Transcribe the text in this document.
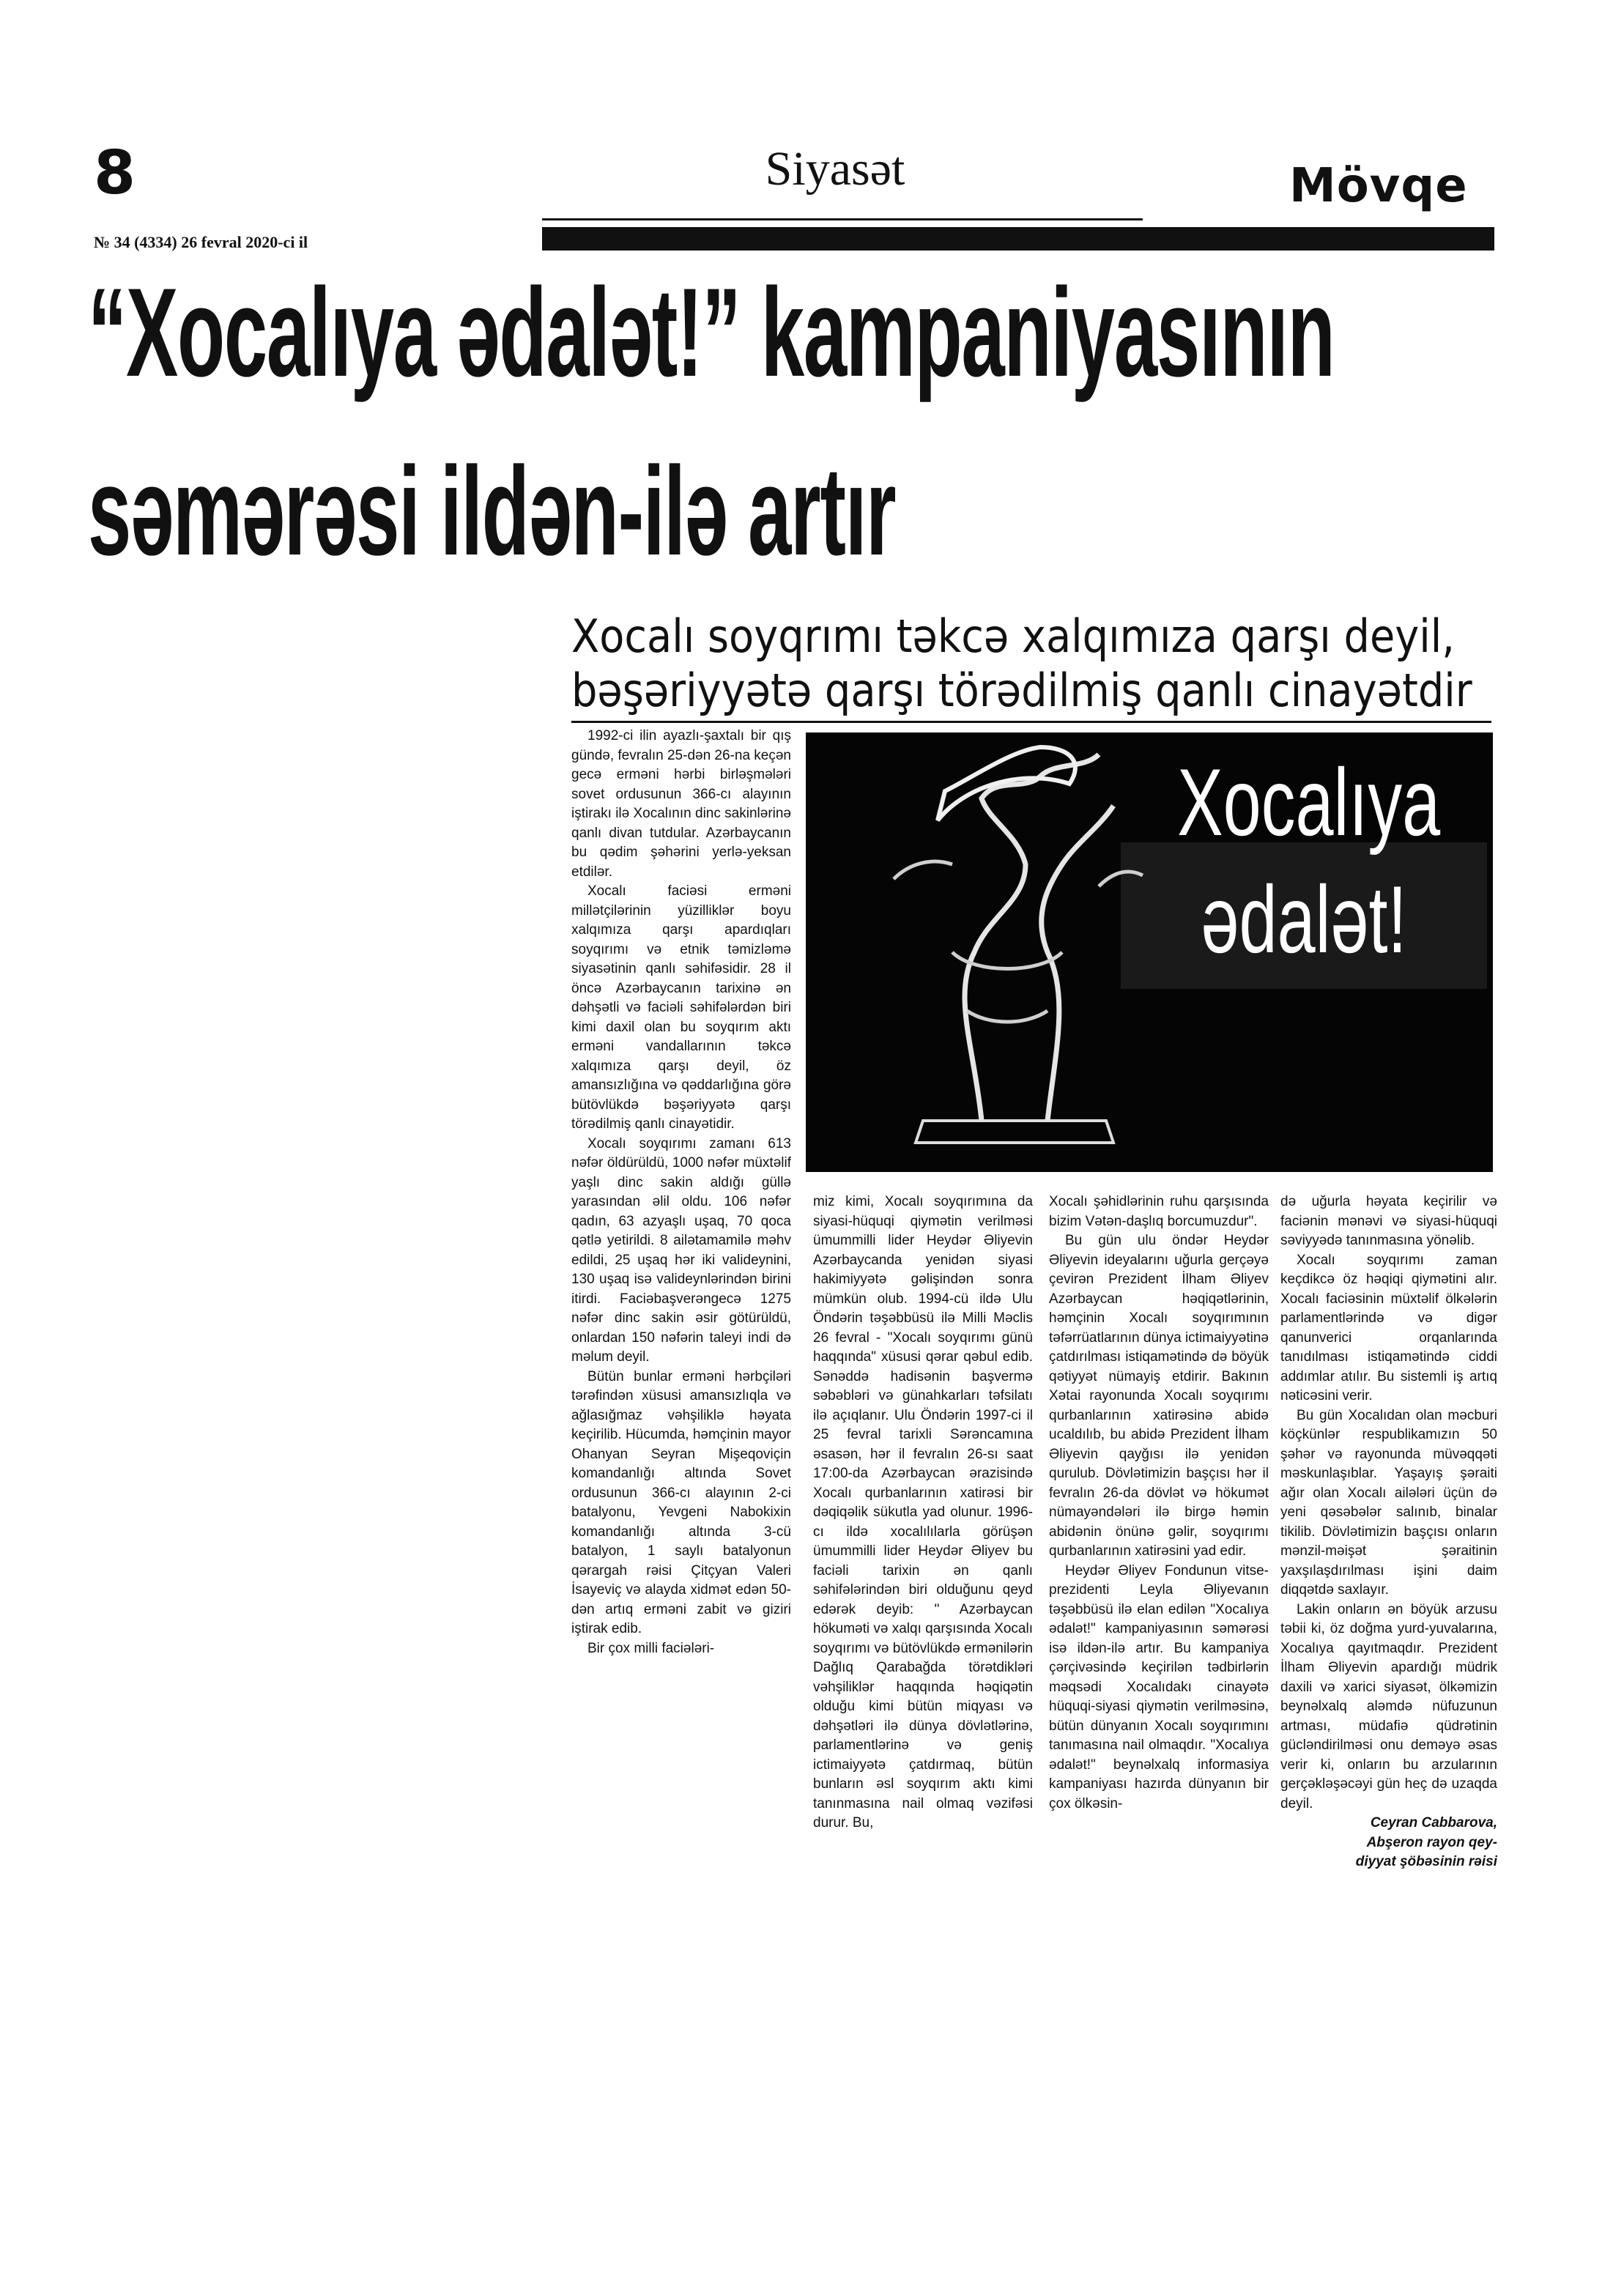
8	Siyasət	Mövqe
№ 34 (4334) 26 fevral 2020-ci il
“Xocalıya ədalət!” kampaniyasının
səmərəsi ildən-ilə artır
Xocalı soyqrımı təkcə xalqımıza qarşı deyil,
bəşəriyyətə qarşı törədilmiş qanlı cinayətdir
Xocalıya
ədalət!

1992-ci ilin ayazlı-şaxtalı bir qış gündə, fevralın 25-dən 26-na keçən gecə erməni hərbi birləşmələri sovet ordusunun 366-cı alayının iştirakı ilə Xocalının dinc sakinlərinə qanlı divan tutdular. Azərbaycanın bu qədim şəhərini yerlə-yeksan etdilər.

Xocalı faciəsi erməni millətçilərinin yüzilliklər boyu xalqımıza qarşı apardıqları soyqırımı və etnik təmizləmə siyasətinin qanlı səhifəsidir. 28 il öncə Azərbaycanın tarixinə ən dəhşətli və faciəli səhifələrdən biri kimi daxil olan bu soyqırım aktı erməni vandallarının təkcə xalqımıza qarşı deyil, öz amansızlığına və qəddarlığına görə bütövlükdə bəşəriyyətə qarşı törədilmiş qanlı cinayətidir.

Xocalı soyqırımı zamanı 613 nəfər öldürüldü, 1000 nəfər müxtəlif yaşlı dinc sakin aldığı güllə yarasından əlil oldu. 106 nəfər qadın, 63 azyaşlı uşaq, 70 qoca qətlə yetirildi. 8 ailətamamilə məhv edildi, 25 uşaq hər iki valideynini, 130 uşaq isə valideynlərindən birini itirdi. Faciəbaşverəngecə 1275 nəfər dinc sakin əsir götürüldü, onlardan 150 nəfərin taleyi indi də məlum deyil.

Bütün bunlar erməni hərbçiləri tərəfindən xüsusi amansızlıqla və ağlasığmaz vəhşiliklə həyata keçirilib. Hücumda, həmçinin mayor Ohanyan Seyran Mişeqoviçin komandanlığı altında Sovet ordusunun 366-cı alayının 2-ci batalyonu, Yevgeni Nabokixin komandanlığı altında 3-cü batalyon, 1 saylı batalyonun qərargah rəisi Çitçyan Valeri İsayeviç və alayda xidmət edən 50-dən artıq erməni zabit və giziri iştirak edib.

Bir çox milli faciələri-

miz kimi, Xocalı soyqırımına da siyasi-hüquqi qiymətin verilməsi ümummilli lider Heydər Əliyevin Azərbaycanda yenidən siyasi hakimiyyətə gəlişindən sonra mümkün olub. 1994-cü ildə Ulu Öndərin təşəbbüsü ilə Milli Məclis 26 fevral - "Xocalı soyqırımı günü haqqında" xüsusi qərar qəbul edib. Sənəddə hadisənin başvermə səbəbləri və günahkarları təfsilatı ilə açıqlanır. Ulu Öndərin 1997-ci il 25 fevral tarixli Sərəncamına əsasən, hər il fevralın 26-sı saat 17:00-da Azərbaycan ərazisində Xocalı qurbanlarının xatirəsi bir dəqiqəlik sükutla yad olunur. 1996-cı ildə xocalılılarla görüşən ümummilli lider Heydər Əliyev bu faciəli tarixin ən qanlı səhifələrindən biri olduğunu qeyd edərək deyib: " Azərbaycan hökuməti və xalqı qarşısında Xocalı soyqırımı və bütövlükdə ermənilərin Dağlıq Qarabağda törətdikləri vəhşiliklər haqqında həqiqətin olduğu kimi bütün miqyası və dəhşətləri ilə dünya dövlətlərinə, parlamentlərinə və geniş ictimaiyyətə çatdırmaq, bütün bunların əsl soyqırım aktı kimi tanınmasına nail olmaq vəzifəsi durur. Bu,

Xocalı şəhidlərinin ruhu qarşısında bizim Vətən-daşlıq borcumuzdur".

Bu gün ulu öndər Heydər Əliyevin ideyalarını uğurla gerçəyə çevirən Prezident İlham Əliyev Azərbaycan həqiqətlərinin, həmçinin Xocalı soyqırımının təfərrüatlarının dünya ictimaiyyətinə çatdırılması istiqamətində də böyük qətiyyət nümayiş etdirir. Bakının Xətai rayonunda Xocalı soyqırımı qurbanlarının xatirəsinə abidə ucaldılıb, bu abidə Prezident İlham Əliyevin qayğısı ilə yenidən qurulub. Dövlətimizin başçısı hər il fevralın 26-da dövlət və hökumət nümayəndələri ilə birgə həmin abidənin önünə gəlir, soyqırımı qurbanlarının xatirəsini yad edir.

Heydər Əliyev Fondunun vitse-prezidenti Leyla Əliyevanın təşəbbüsü ilə elan edilən "Xocalıya ədalət!" kampaniyasının səmərəsi isə ildən-ilə artır. Bu kampaniya çərçivəsində keçirilən tədbirlərin məqsədi Xocalıdakı cinayətə hüquqi-siyasi qiymətin verilməsinə, bütün dünyanın Xocalı soyqırımını tanımasına nail olmaqdır. "Xocalıya ədalət!" beynəlxalq informasiya kampaniyası hazırda dünyanın bir çox ölkəsin-

də uğurla həyata keçirilir və faciənin mənəvi və siyasi-hüquqi səviyyədə tanınmasına yönəlib.

Xocalı soyqırımı zaman keçdikcə öz həqiqi qiymətini alır. Xocalı faciəsinin müxtəlif ölkələrin parlamentlərində və digər qanunverici orqanlarında tanıdılması istiqamətində ciddi addımlar atılır. Bu sistemli iş artıq nəticəsini verir.

Bu gün Xocalıdan olan məcburi köçkünlər respublikamızın 50 şəhər və rayonunda müvəqqəti məskunlaşıblar. Yaşayış şəraiti ağır olan Xocalı ailələri üçün də yeni qəsəbələr salınıb, binalar tikilib. Dövlətimizin başçısı onların mənzil-məişət şəraitinin yaxşılaşdırılması işini daim diqqətdə saxlayır.

Lakin onların ən böyük arzusu təbii ki, öz doğma yurd-yuvalarına, Xocalıya qayıtmaqdır. Prezident İlham Əliyevin apardığı müdrik daxili və xarici siyasət, ölkəmizin beynəlxalq aləmdə nüfuzunun artması, müdafiə qüdrətinin gücləndirilməsi onu deməyə əsas verir ki, onların bu arzularının gerçəkləşəcəyi gün heç də uzaqda deyil.

Ceyran Cabbarova,

Abşeron rayon qey-

diyyat şöbəsinin rəisi
